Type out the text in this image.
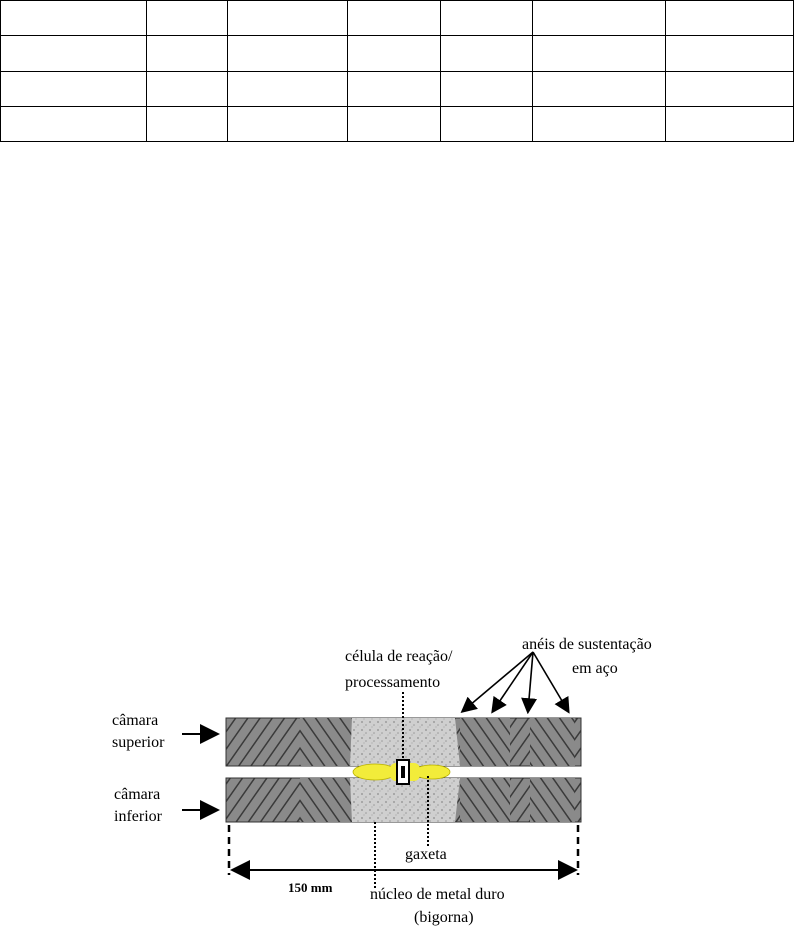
célula de reação/
processamento
anéis de sustentação
em aço
câmara
superior
câmara
inferior
gaxeta
150 mm núcleo de metal duro
(bigorna)
